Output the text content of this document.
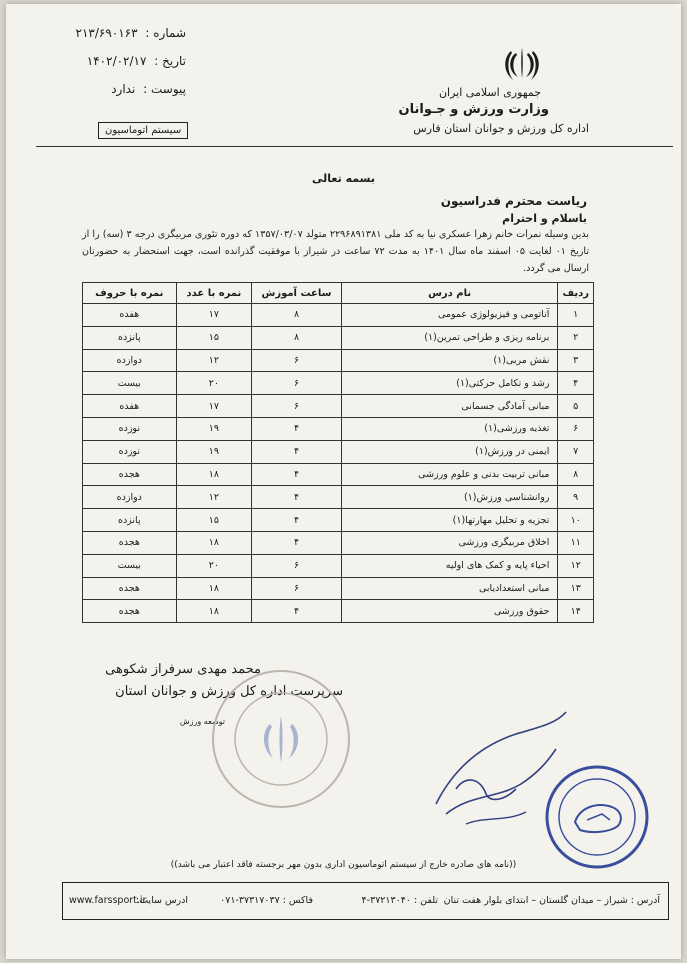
شماره : ۲۱۳/۶۹۰۱۶۳
تاریخ : ۱۴۰۲/۰۲/۱۷
پیوست : ندارد
سیستم اتوماسیون
جمهوری اسلامی ایران
وزارت ورزش و جـوانان
اداره کل ورزش و جوانان استان فارس
بسمه تعالی
ریاست محترم فدراسیون
باسلام و احترام
بدین وسیله نمرات خانم زهرا عسکری نیا به کد ملی ۲۲۹۶۸۹۱۳۸۱ متولد ۱۳۵۷/۰۳/۰۷ که دوره تئوری مربیگری درجه ۳ (سه) را از تاریخ ۰۱ لغایت ۰۵ اسفند ماه سال ۱۴۰۱ به مدت ۷۲ ساعت در شیراز با موفقیت گذرانده است، جهت استحضار به حضورتان ارسال می گردد.
ردیف	نام درس	ساعت آموزش	نمره با عدد	نمره با حروف
۱	آناتومی و فیزیولوژی عمومی	۸	۱۷	هفده
۲	برنامه ریزی و طراحی تمرین(۱)	۸	۱۵	پانزده
۳	نقش مربی(۱)	۶	۱۲	دوازده
۴	رشد و تکامل حرکتی(۱)	۶	۲۰	بیست
۵	مبانی آمادگی جسمانی	۶	۱۷	هفده
۶	تغذیه ورزشی(۱)	۴	۱۹	نوزده
۷	ایمنی در ورزش(۱)	۴	۱۹	نوزده
۸	مبانی تربیت بدنی و علوم ورزشی	۴	۱۸	هجده
۹	روانشناسی ورزش(۱)	۴	۱۲	دوازده
۱۰	تجزیه و تحلیل مهارتها(۱)	۴	۱۵	پانزده
۱۱	اخلاق مربیگری ورزشی	۴	۱۸	هجده
۱۲	احیاء پایه و کمک های اولیه	۶	۲۰	بیست
۱۳	مبانی استعدادیابی	۶	۱۸	هجده
۱۴	حقوق ورزشی	۴	۱۸	هجده
محمد مهدی سرفراز شکوهی
سرپرست اداره کل ورزش و جوانان استان
توسعه ورزش
((نامه های صادره خارج از سیستم اتوماسیون اداری بدون مهر برجسته فاقد اعتبار می باشد))
آدرس : شیراز – میدان گلستان – ابتدای بلوار هفت تنان
تلفن : ۳۷۲۱۳۰۴۰-۴
فاکس : ۳۷۳۱۷۰۳۷-۰۷۱
ادرس سایت:
www.farssport.ir
